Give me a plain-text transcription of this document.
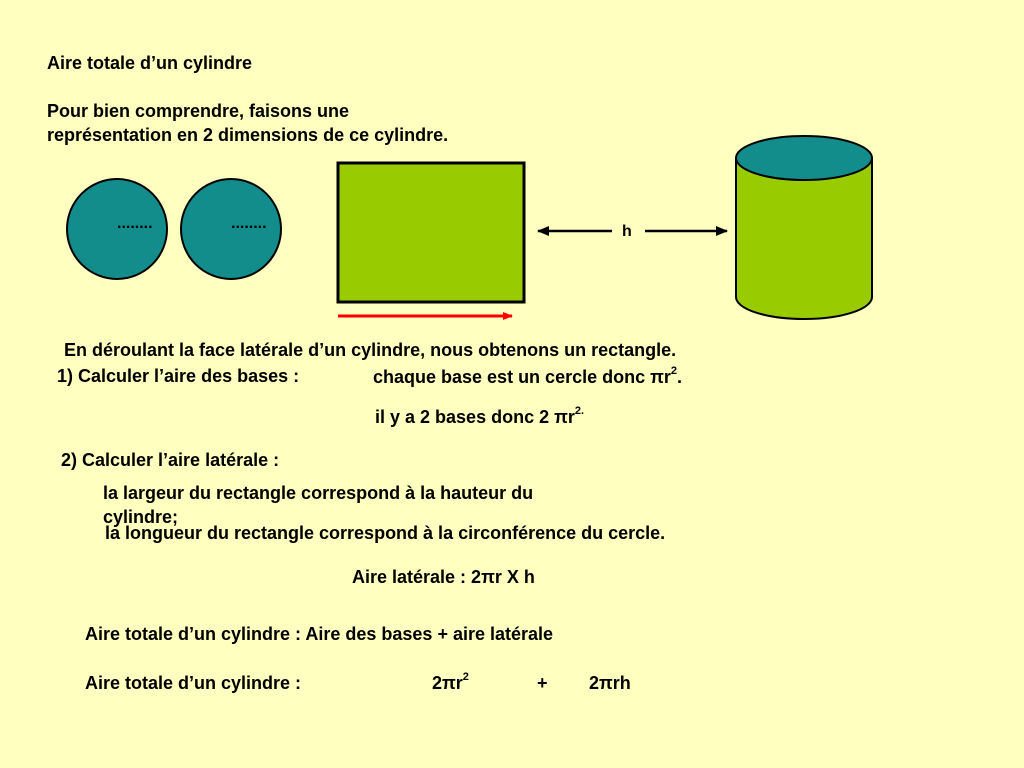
Aire totale d’un cylindre
Pour bien comprendre, faisons une
représentation en 2 dimensions de ce cylindre.
........	........	h
En déroulant la face latérale d’un cylindre, nous obtenons un rectangle.
1) Calculer l’aire des bases :	chaque base est un cercle donc $\pi r^2$.
il y a 2 bases donc 2 $\pi r^{2.}$
2) Calculer l’aire latérale :
la largeur du rectangle correspond à la hauteur du
cylindre;
la longueur du rectangle correspond à la circonférence du cercle.
Aire latérale : 2πr X h
Aire totale d’un cylindre : Aire des bases + aire latérale
Aire totale d’un cylindre :	$2\pi r^2$	+ 2πrh
